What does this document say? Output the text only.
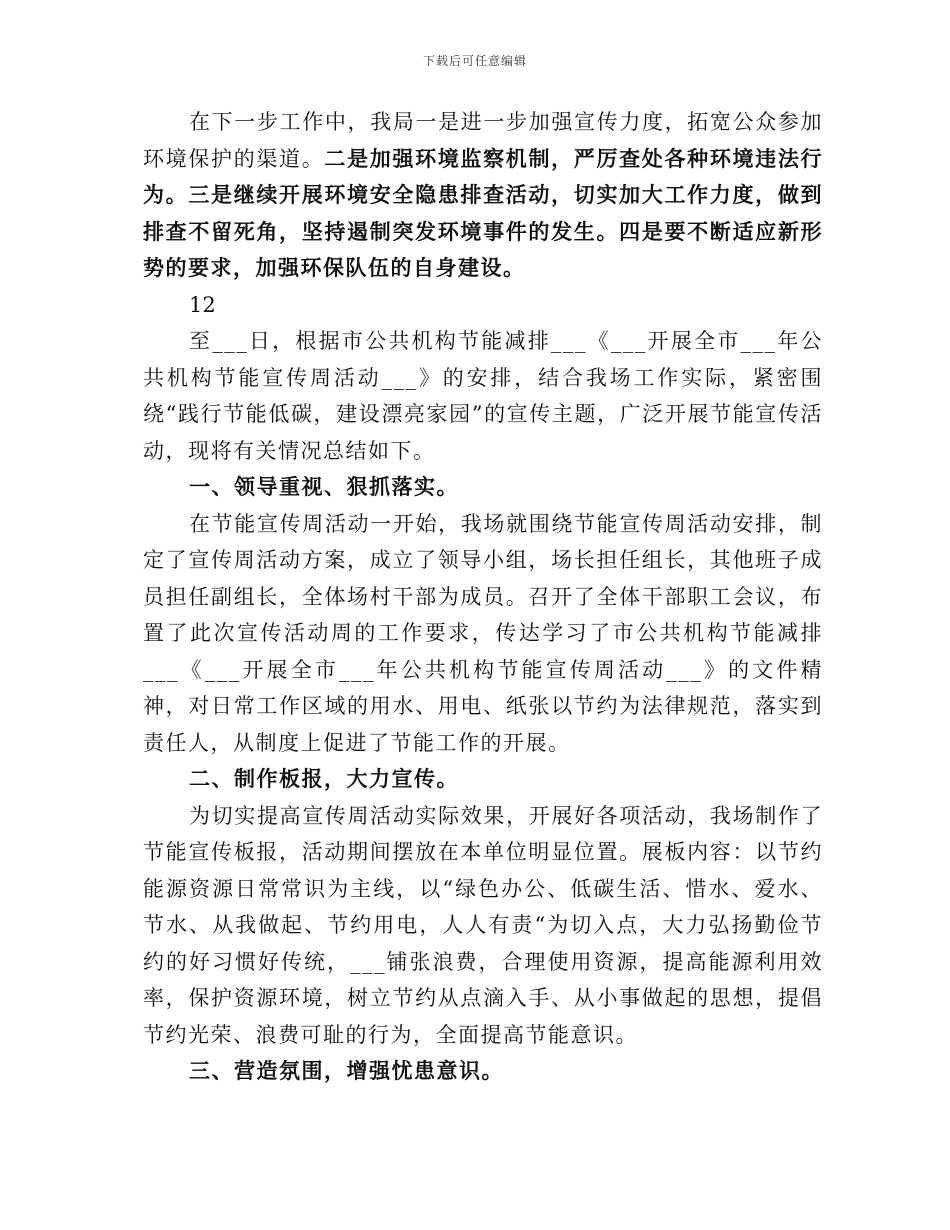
下载后可任意编辑

在下一步工作中，我局一是进一步加强宣传力度，拓宽公众参加环境保护的渠道。二是加强环境监察机制，严厉查处各种环境违法行为。三是继续开展环境安全隐患排查活动，切实加大工作力度，做到排查不留死角，坚持遏制突发环境事件的发生。四是要不断适应新形势的要求，加强环保队伍的自身建设。

12

至___日，根据市公共机构节能减排___《___开展全市___年公共机构节能宣传周活动___》的安排，结合我场工作实际，紧密围绕“践行节能低碳，建设漂亮家园”的宣传主题，广泛开展节能宣传活动，现将有关情况总结如下。

一、领导重视、狠抓落实。

在节能宣传周活动一开始，我场就围绕节能宣传周活动安排，制定了宣传周活动方案，成立了领导小组，场长担任组长，其他班子成员担任副组长，全体场村干部为成员。召开了全体干部职工会议，布置了此次宣传活动周的工作要求，传达学习了市公共机构节能减排___《___开展全市___年公共机构节能宣传周活动___》的文件精神，对日常工作区域的用水、用电、纸张以节约为法律规范，落实到责任人，从制度上促进了节能工作的开展。

二、制作板报，大力宣传。

为切实提高宣传周活动实际效果，开展好各项活动，我场制作了节能宣传板报，活动期间摆放在本单位明显位置。展板内容：以节约能源资源日常常识为主线，以“绿色办公、低碳生活、惜水、爱水、节水、从我做起、节约用电，人人有责“为切入点，大力弘扬勤俭节约的好习惯好传统，___铺张浪费，合理使用资源，提高能源利用效率，保护资源环境，树立节约从点滴入手、从小事做起的思想，提倡节约光荣、浪费可耻的行为，全面提高节能意识。

三、营造氛围，增强忧患意识。
